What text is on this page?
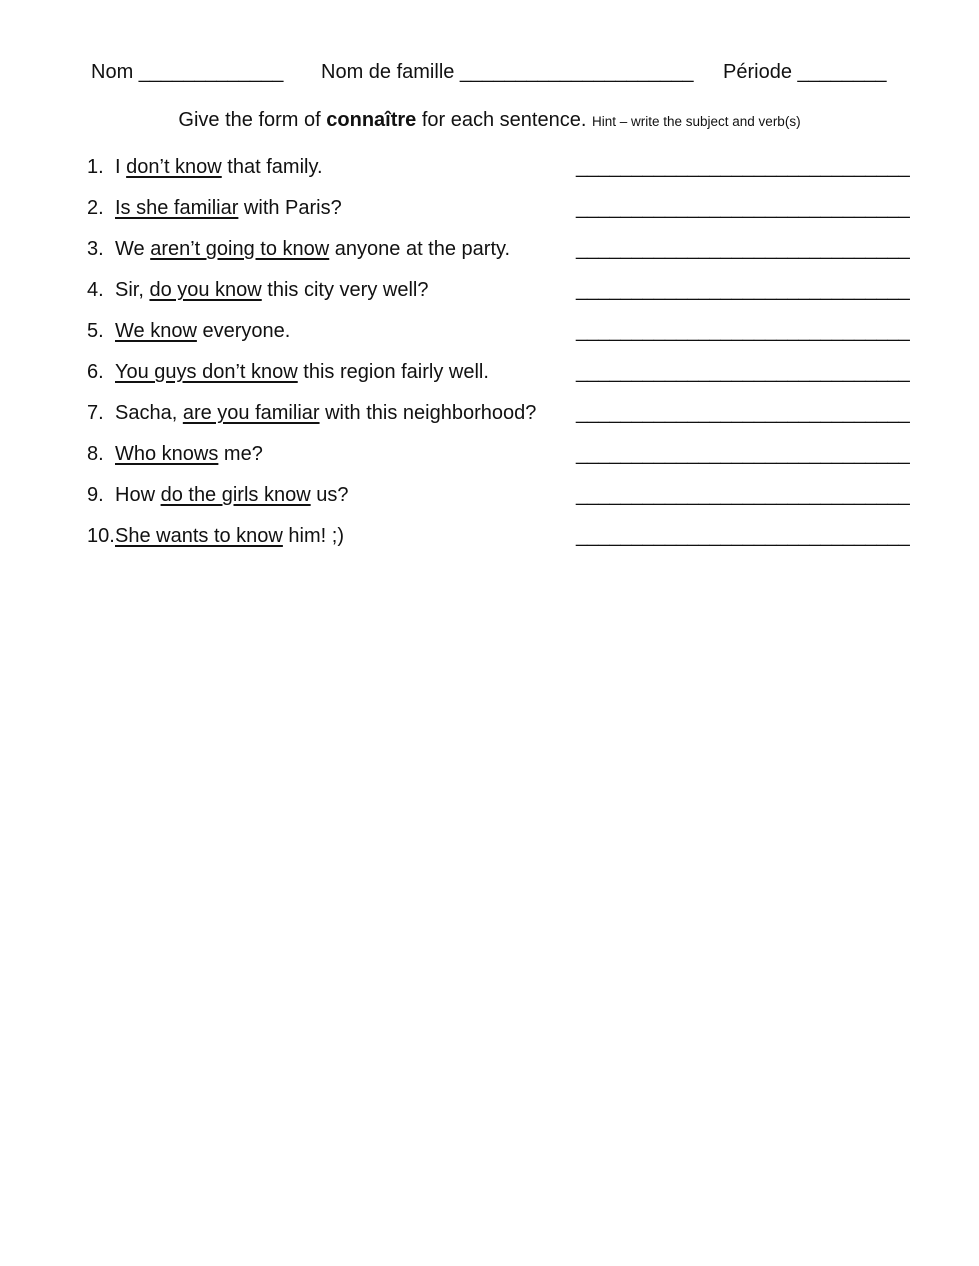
Nom _____________ Nom de famille _____________________ Période ________
Give the form of connaître for each sentence. Hint – write the subject and verb(s)
1. I don’t know that family.	______________________________
2. Is she familiar with Paris?	______________________________
3. We aren’t going to know anyone at the party.	______________________________
4. Sir, do you know this city very well?	______________________________
5. We know everyone.	______________________________
6. You guys don’t know this region fairly well.	______________________________
7. Sacha, are you familiar with this neighborhood? ______________________________
8. Who knows me?	______________________________
9. How do the girls know us?	______________________________
10. She wants to know him! ;)	______________________________
